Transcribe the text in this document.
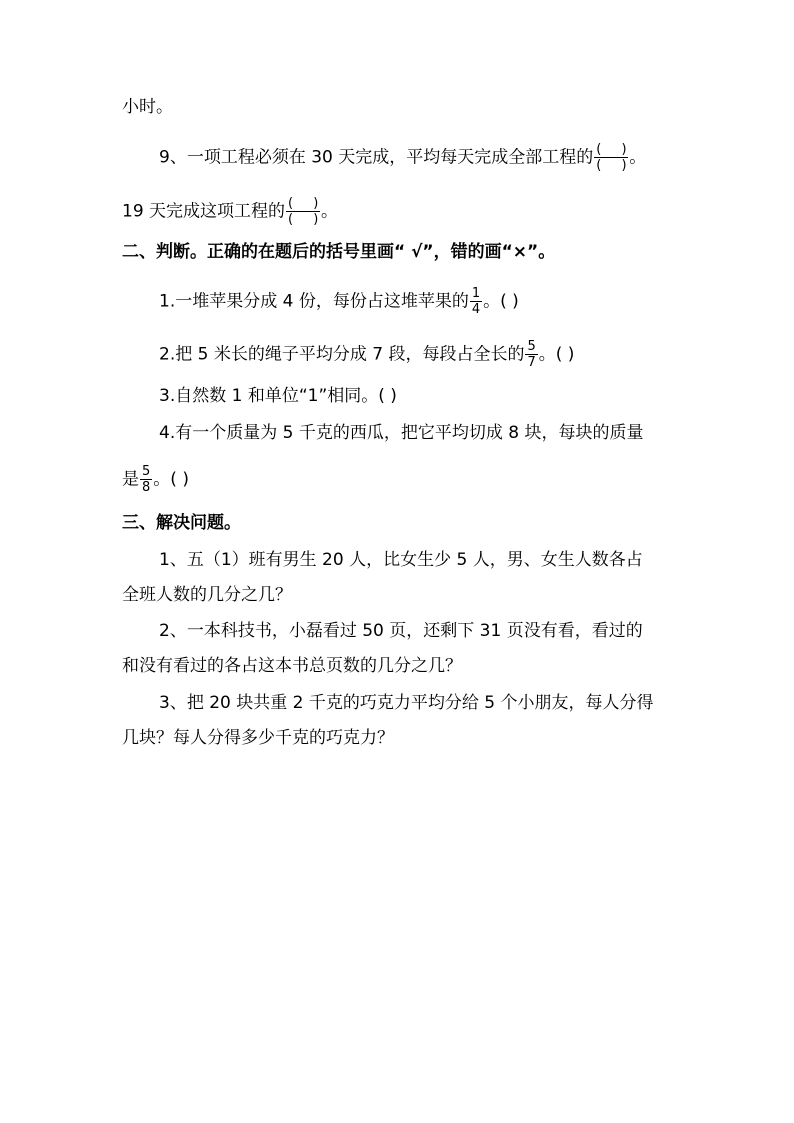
小时。
9、一项工程必须在 30 天完成，平均每天完成全部工程的 $\frac{( )}{( )}$ 。
19 天完成这项工程的 $\frac{( )}{( )}$ 。
二、判断。正确的在题后的括号里画“ √”，错的画“×”。
1.一堆苹果分成 4 份，每份占这堆苹果的 $\frac{1}{4}$ 。( )
2.把 5 米长的绳子平均分成 7 段，每段占全长的 $\frac{5}{7}$ 。( )
3.自然数 1 和单位“1”相同。( )
4.有一个质量为 5 千克的西瓜，把它平均切成 8 块，每块的质量
是 $\frac{5}{8}$ 。( )
三、解决问题。
1、五（1）班有男生 20 人，比女生少 5 人，男、女生人数各占
全班人数的几分之几？
2、一本科技书，小磊看过 50 页，还剩下 31 页没有看，看过的
和没有看过的各占这本书总页数的几分之几？
3、把 20 块共重 2 千克的巧克力平均分给 5 个小朋友，每人分得
几块？每人分得多少千克的巧克力？
